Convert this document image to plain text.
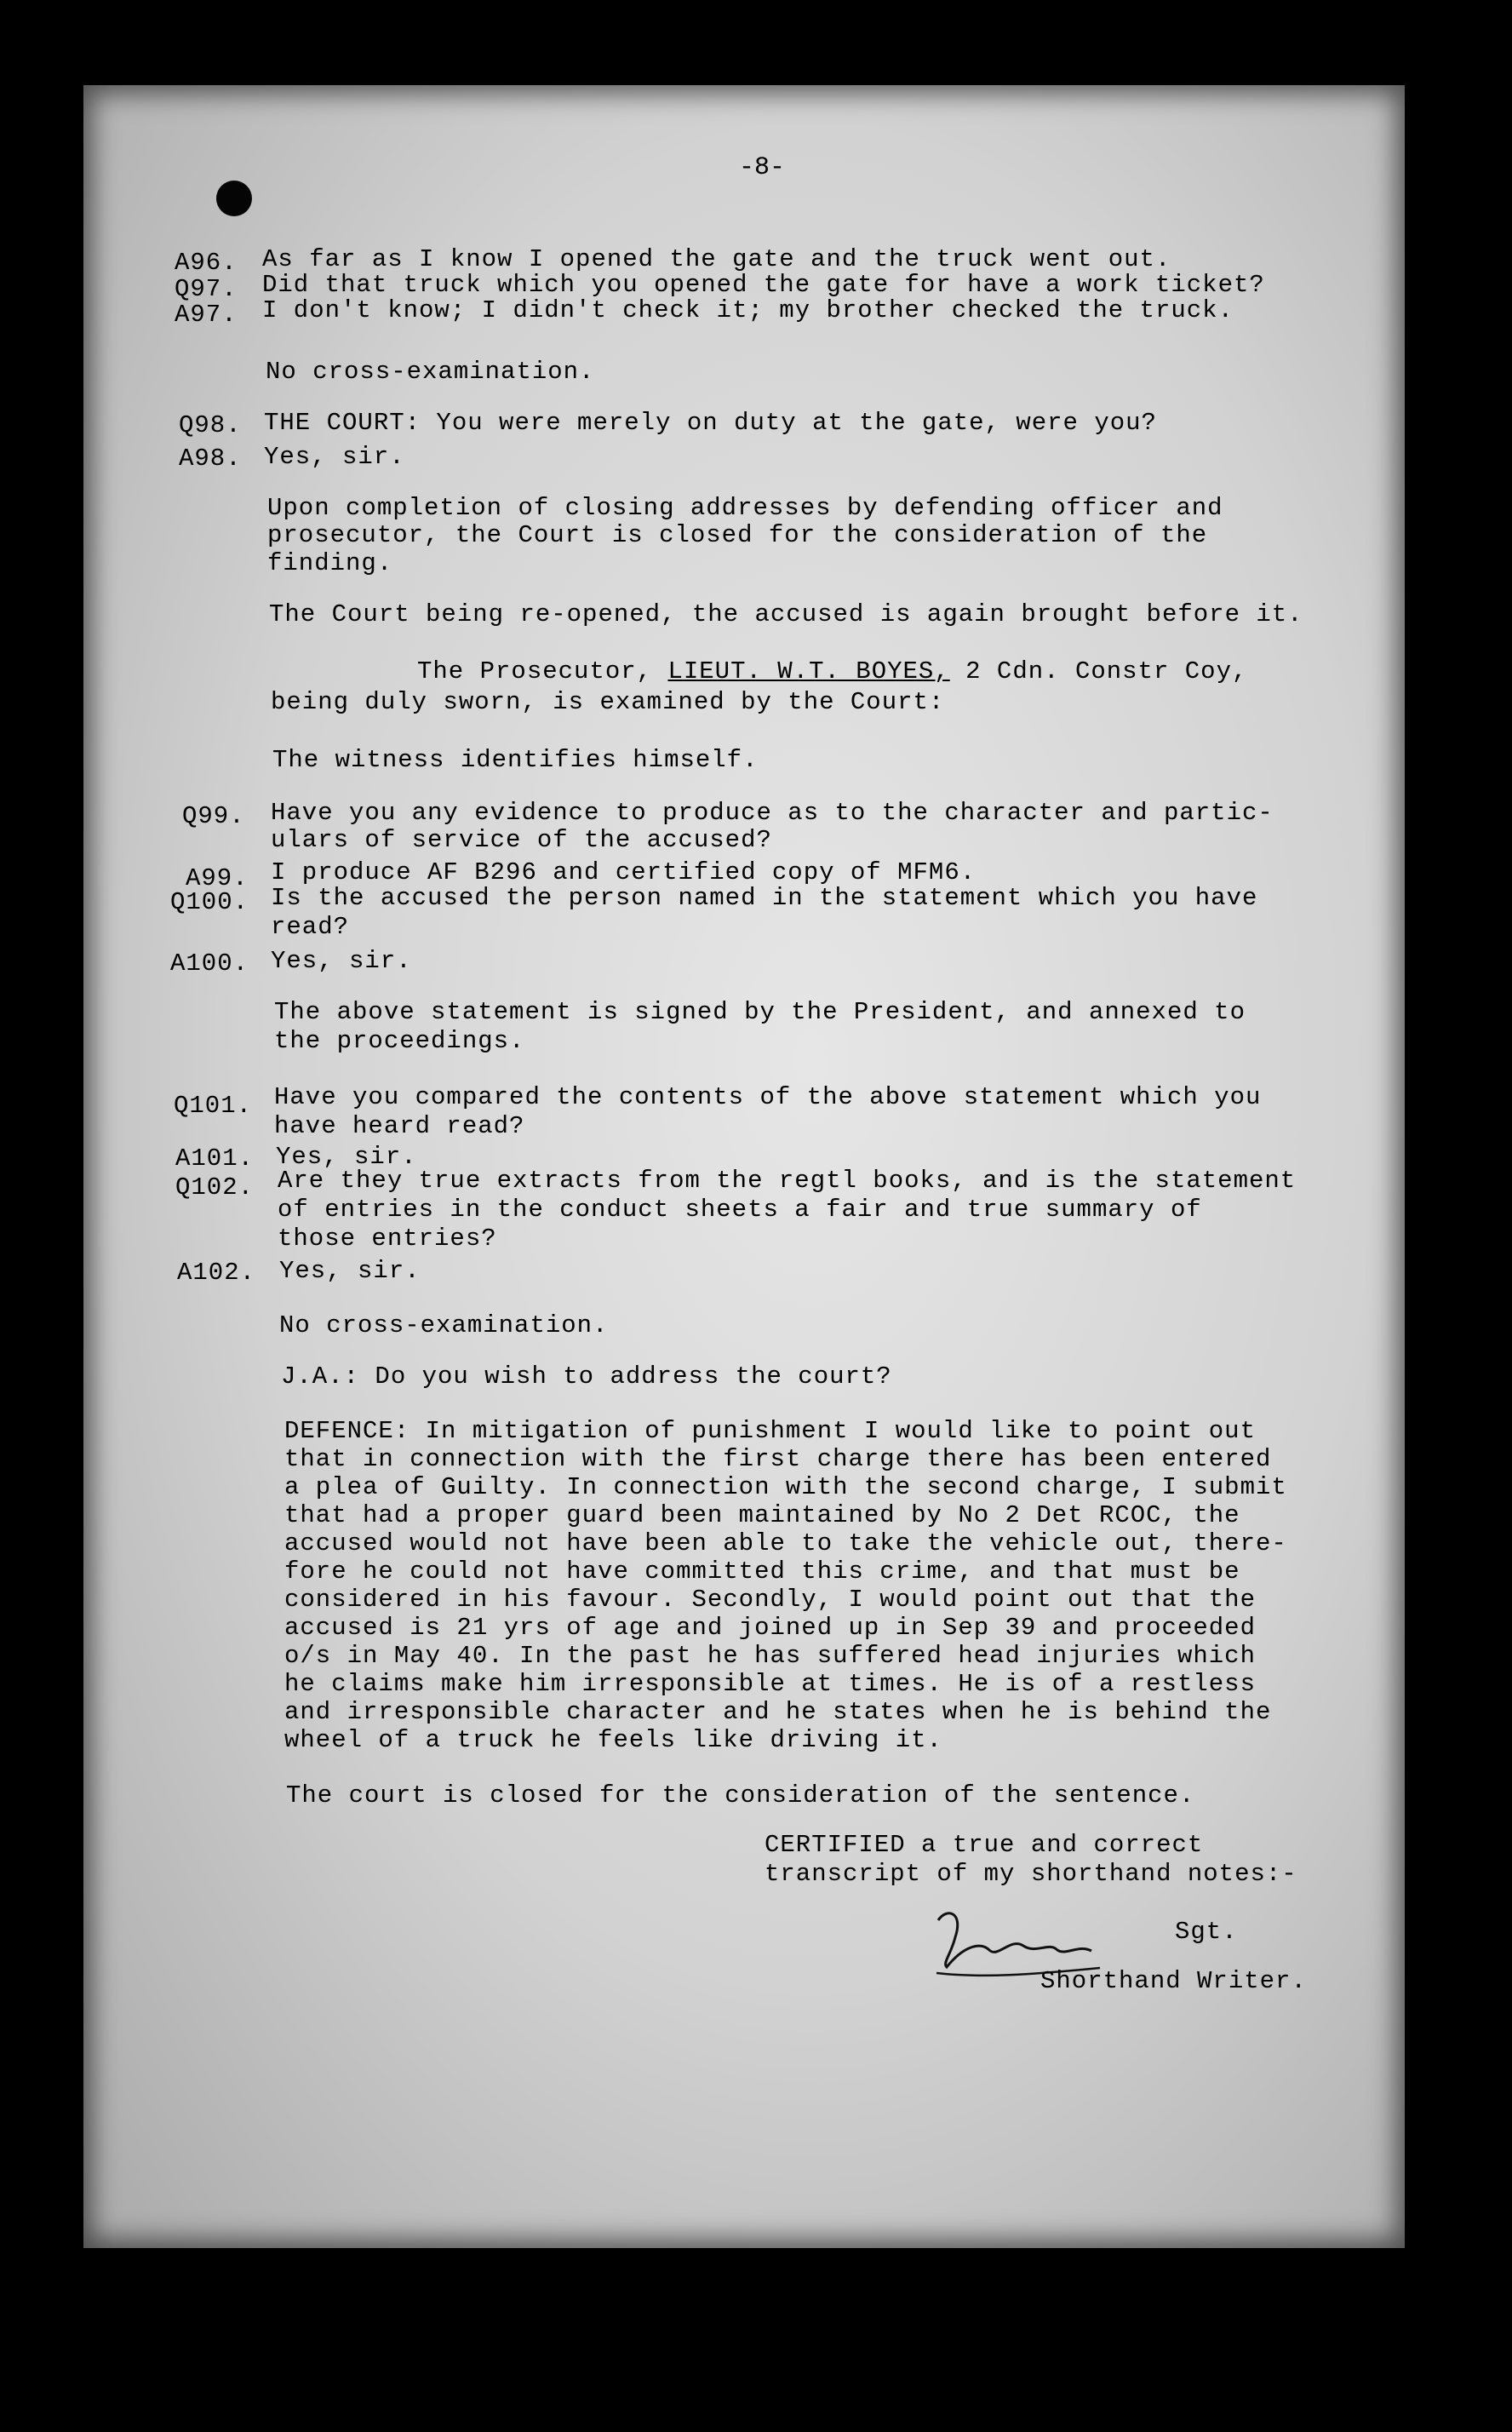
-8-
A96. As far as I know I opened the gate and the truck went out.
Q97. Did that truck which you opened the gate for have a work ticket?
A97. I don't know; I didn't check it; my brother checked the truck.
No cross-examination.
Q98. THE COURT: You were merely on duty at the gate, were you?
A98. Yes, sir.
Upon completion of closing addresses by defending officer and
prosecutor, the Court is closed for the consideration of the
finding.
The Court being re-opened, the accused is again brought before it.
The Prosecutor, LIEUT. W.T. BOYES, 2 Cdn. Constr Coy,
being duly sworn, is examined by the Court:
The witness identifies himself.
Q99. Have you any evidence to produce as to the character and partic-
ulars of service of the accused?
A99. I produce AF B296 and certified copy of MFM6.
Q100. Is the accused the person named in the statement which you have
read?
A100. Yes, sir.
The above statement is signed by the President, and annexed to
the proceedings.
Q101. Have you compared the contents of the above statement which you
have heard read?
A101. Yes, sir.
Q102. Are they true extracts from the regtl books, and is the statement
of entries in the conduct sheets a fair and true summary of
those entries?
A102. Yes, sir.
No cross-examination.
J.A.: Do you wish to address the court?
DEFENCE: In mitigation of punishment I would like to point out
that in connection with the first charge there has been entered
a plea of Guilty. In connection with the second charge, I submit
that had a proper guard been maintained by No 2 Det RCOC, the
accused would not have been able to take the vehicle out, there-
fore he could not have committed this crime, and that must be
considered in his favour. Secondly, I would point out that the
accused is 21 yrs of age and joined up in Sep 39 and proceeded
o/s in May 40. In the past he has suffered head injuries which
he claims make him irresponsible at times. He is of a restless
and irresponsible character and he states when he is behind the
wheel of a truck he feels like driving it.
The court is closed for the consideration of the sentence.
CERTIFIED a true and correct
transcript of my shorthand notes:-
Sgt.
Shorthand Writer.
